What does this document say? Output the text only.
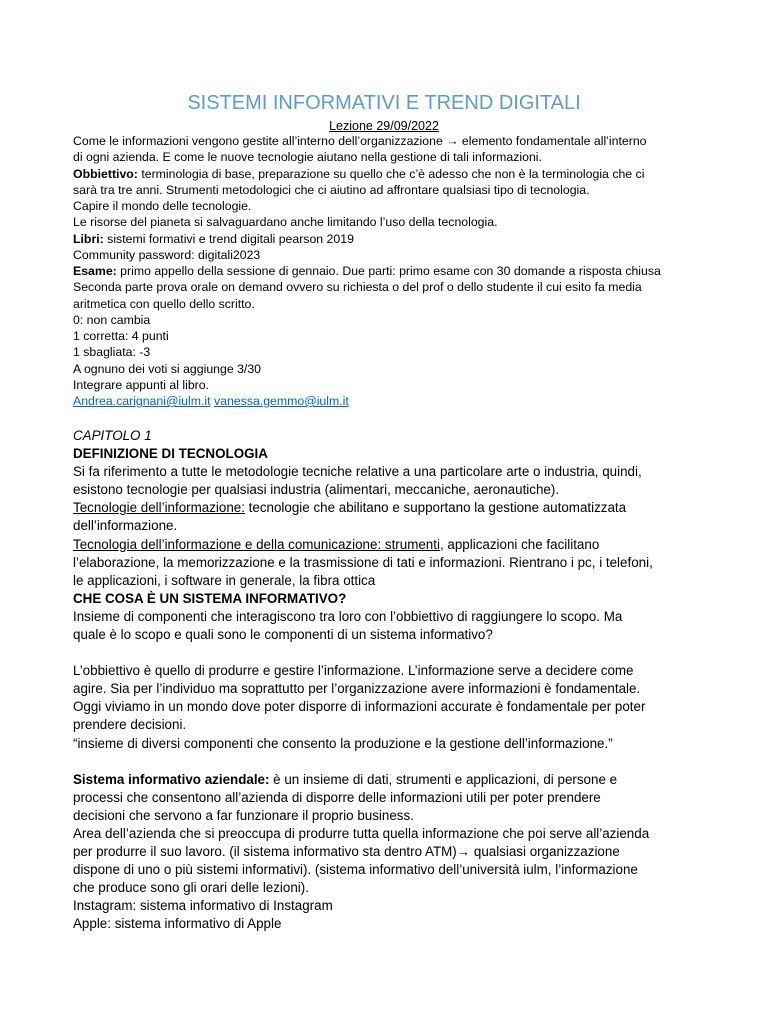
SISTEMI INFORMATIVI E TREND DIGITALI
Lezione 29/09/2022
Come le informazioni vengono gestite all’interno dell’organizzazione → elemento fondamentale all’interno
di ogni azienda. E come le nuove tecnologie aiutano nella gestione di tali informazioni.
Obbiettivo: terminologia di base, preparazione su quello che c’è adesso che non è la terminologia che ci
sarà tra tre anni. Strumenti metodologici che ci aiutino ad affrontare qualsiasi tipo di tecnologia.
Capire il mondo delle tecnologie.
Le risorse del pianeta si salvaguardano anche limitando l’uso della tecnologia.
Libri: sistemi formativi e trend digitali pearson 2019
Community password: digitali2023
Esame: primo appello della sessione di gennaio. Due parti: primo esame con 30 domande a risposta chiusa
Seconda parte prova orale on demand ovvero su richiesta o del prof o dello studente il cui esito fa media
aritmetica con quello dello scritto.
0: non cambia
1 corretta: 4 punti
1 sbagliata: -3
A ognuno dei voti si aggiunge 3/30
Integrare appunti al libro.
Andrea.carignani@iulm.it vanessa.gemmo@iulm.it
CAPITOLO 1
DEFINIZIONE DI TECNOLOGIA
Si fa riferimento a tutte le metodologie tecniche relative a una particolare arte o industria, quindi,
esistono tecnologie per qualsiasi industria (alimentari, meccaniche, aeronautiche).
Tecnologie dell’informazione: tecnologie che abilitano e supportano la gestione automatizzata
dell’informazione.
Tecnologia dell’informazione e della comunicazione: strumenti, applicazioni che facilitano
l’elaborazione, la memorizzazione e la trasmissione di tati e informazioni. Rientrano i pc, i telefoni,
le applicazioni, i software in generale, la fibra ottica
CHE COSA È UN SISTEMA INFORMATIVO?
Insieme di componenti che interagiscono tra loro con l’obbiettivo di raggiungere lo scopo. Ma
quale è lo scopo e quali sono le componenti di un sistema informativo?
L’obbiettivo è quello di produrre e gestire l’informazione. L’informazione serve a decidere come
agire. Sia per l’individuo ma soprattutto per l’organizzazione avere informazioni è fondamentale.
Oggi viviamo in un mondo dove poter disporre di informazioni accurate è fondamentale per poter
prendere decisioni.
“insieme di diversi componenti che consento la produzione e la gestione dell’informazione.”
Sistema informativo aziendale: è un insieme di dati, strumenti e applicazioni, di persone e
processi che consentono all’azienda di disporre delle informazioni utili per poter prendere
decisioni che servono a far funzionare il proprio business.
Area dell’azienda che si preoccupa di produrre tutta quella informazione che poi serve all’azienda
per produrre il suo lavoro. (il sistema informativo sta dentro ATM)→ qualsiasi organizzazione
dispone di uno o più sistemi informativi). (sistema informativo dell’università iulm, l’informazione
che produce sono gli orari delle lezioni).
Instagram: sistema informativo di Instagram
Apple: sistema informativo di Apple
